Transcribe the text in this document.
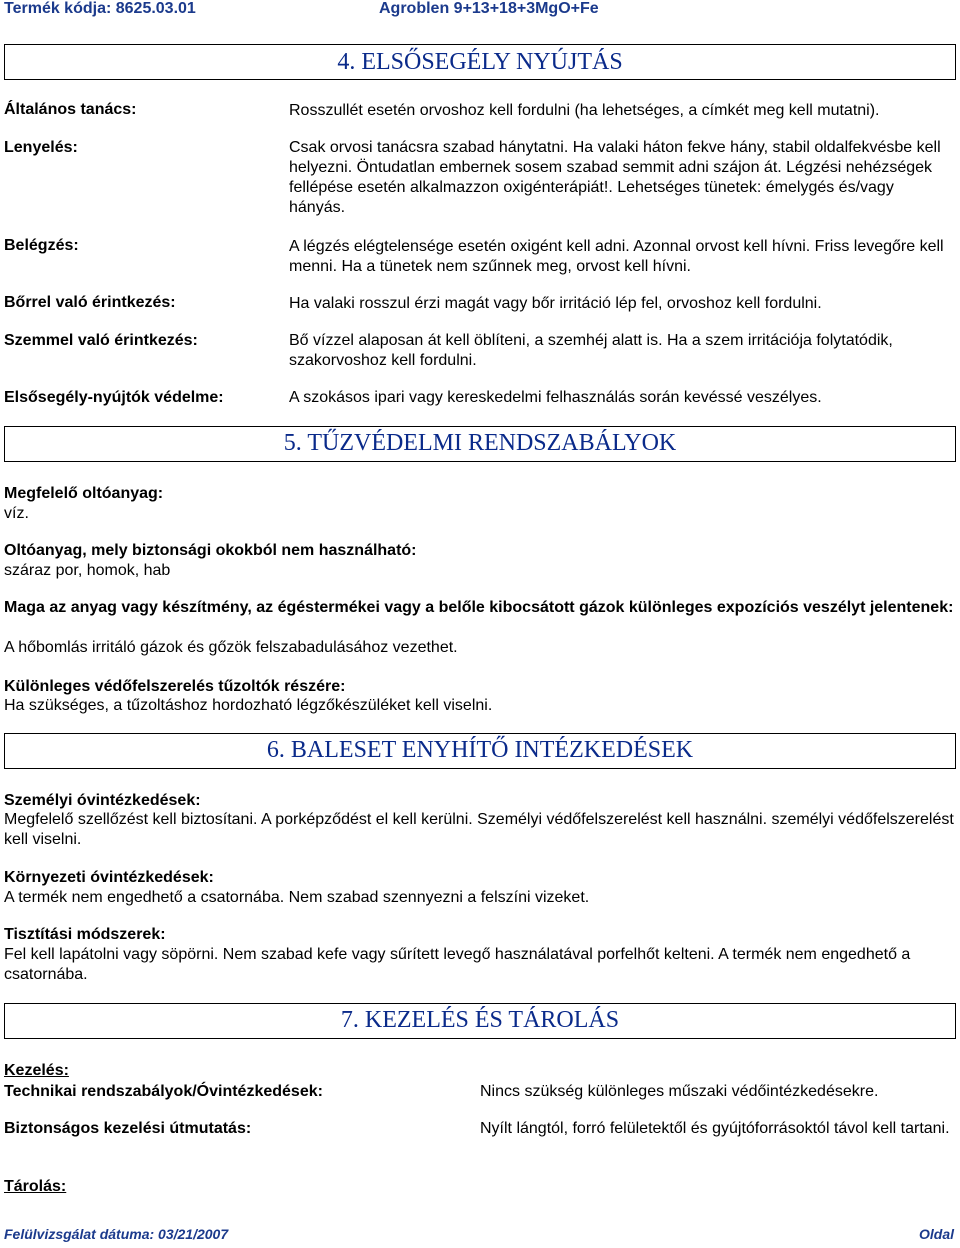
Termék kódja: 8625.03.01	Agroblen 9+13+18+3MgO+Fe
4. ELSŐSEGÉLY NYÚJTÁS
Általános tanács:	Rosszullét esetén orvoshoz kell fordulni (ha lehetséges, a címkét meg kell mutatni).
Lenyelés:	Csak orvosi tanácsra szabad hánytatni. Ha valaki háton fekve hány, stabil oldalfekvésbe kell helyezni. Öntudatlan embernek sosem szabad semmit adni szájon át. Légzési nehézségek fellépése esetén alkalmazzon oxigénterápiát!. Lehetséges tünetek: émelygés és/vagy hányás.
Belégzés:	A légzés elégtelensége esetén oxigént kell adni. Azonnal orvost kell hívni. Friss levegőre kell menni. Ha a tünetek nem szűnnek meg, orvost kell hívni.
Bőrrel való érintkezés:	Ha valaki rosszul érzi magát vagy bőr irritáció lép fel, orvoshoz kell fordulni.
Szemmel való érintkezés:	Bő vízzel alaposan át kell öblíteni, a szemhéj alatt is. Ha a szem irritációja folytatódik, szakorvoshoz kell fordulni.
Elsősegély-nyújtók védelme:	A szokásos ipari vagy kereskedelmi felhasználás során kevéssé veszélyes.
5. TŰZVÉDELMI RENDSZABÁLYOK
Megfelelő oltóanyag:
víz.
Oltóanyag, mely biztonsági okokból nem használható:
száraz por, homok, hab
Maga az anyag vagy készítmény, az égéstermékei vagy a belőle kibocsátott gázok különleges expozíciós veszélyt jelentenek:
A hőbomlás irritáló gázok és gőzök felszabadulásához vezethet.
Különleges védőfelszerelés tűzoltók részére:
Ha szükséges, a tűzoltáshoz hordozható légzőkészüléket kell viselni.
6. BALESET ENYHÍTŐ INTÉZKEDÉSEK
Személyi óvintézkedések:
Megfelelő szellőzést kell biztosítani. A porképződést el kell kerülni. Személyi védőfelszerelést kell használni. személyi védőfelszerelést kell viselni.
Környezeti óvintézkedések:
A termék nem engedhető a csatornába. Nem szabad szennyezni a felszíni vizeket.
Tisztítási módszerek:
Fel kell lapátolni vagy söpörni. Nem szabad kefe vagy sűrített levegő használatával porfelhőt kelteni. A termék nem engedhető a csatornába.
7. KEZELÉS ÉS TÁROLÁS
Kezelés:
Technikai rendszabályok/Óvintézkedések:	Nincs szükség különleges műszaki védőintézkedésekre.
Biztonságos kezelési útmutatás:	Nyílt lángtól, forró felületektől és gyújtóforrásoktól távol kell tartani.
Tárolás:
Felülvizsgálat dátuma: 03/21/2007	Oldal
